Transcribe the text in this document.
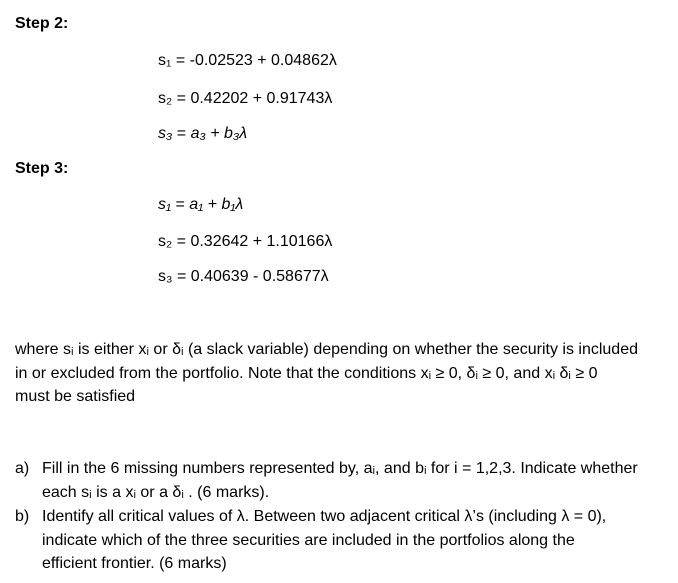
Step 2:
s₁ = -0.02523 + 0.04862λ
s₂ = 0.42202 + 0.91743λ
s₃ = a₃ + b₃λ
Step 3:
s₁ = a₁ + b₁λ
s₂ = 0.32642 + 1.10166λ
s₃ = 0.40639 - 0.58677λ
where sᵢ is either xᵢ or δᵢ (a slack variable) depending on whether the security is included
in or excluded from the portfolio. Note that the conditions xᵢ ≥ 0, δᵢ ≥ 0, and xᵢ δᵢ ≥ 0
must be satisfied
a) Fill in the 6 missing numbers represented by, aᵢ, and bᵢ for i = 1,2,3. Indicate whether
each sᵢ is a xᵢ or a δᵢ . (6 marks).
b) Identify all critical values of λ. Between two adjacent critical λ’s (including λ = 0),
indicate which of the three securities are included in the portfolios along the
efficient frontier. (6 marks)
